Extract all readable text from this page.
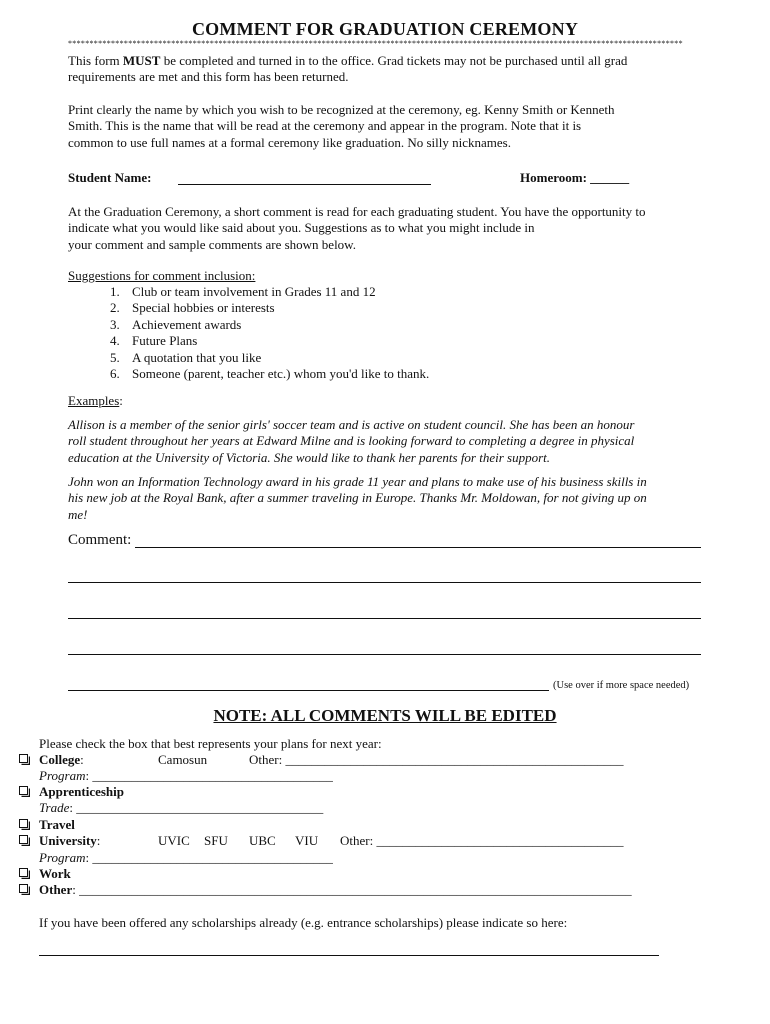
COMMENT FOR GRADUATION CEREMONY
***********************************************************************************************************************************************
This form MUST be completed and turned in to the office. Grad tickets may not be purchased until all grad
requirements are met and this form has been returned.
Print clearly the name by which you wish to be recognized at the ceremony, eg. Kenny Smith or Kenneth
Smith. This is the name that will be read at the ceremony and appear in the program. Note that it is
common to use full names at a formal ceremony like graduation. No silly nicknames.
Student Name:	Homeroom: ______
At the Graduation Ceremony, a short comment is read for each graduating student. You have the opportunity to
indicate what you would like said about you. Suggestions as to what you might include in
your comment and sample comments are shown below.
Suggestions for comment inclusion:
1. Club or team involvement in Grades 11 and 12
2. Special hobbies or interests
3. Achievement awards
4. Future Plans
5. A quotation that you like
6. Someone (parent, teacher etc.) whom you'd like to thank.
Examples:
Allison is a member of the senior girls' soccer team and is active on student council. She has been an honour
roll student throughout her years at Edward Milne and is looking forward to completing a degree in physical
education at the University of Victoria. She would like to thank her parents for their support.
John won an Information Technology award in his grade 11 year and plans to make use of his business skills in
his new job at the Royal Bank, after a summer traveling in Europe. Thanks Mr. Moldowan, for not giving up on
me!
Comment:
(Use over if more space needed)
NOTE: ALL COMMENTS WILL BE EDITED
Please check the box that best represents your plans for next year:
College:	Camosun	Other: ____________________________________________________
Program: _____________________________________
Apprenticeship
Trade: ______________________________________
Travel
University:	UVIC SFU UBC VIU Other: ______________________________________
Program: _____________________________________
Work
Other: _____________________________________________________________________________________
If you have been offered any scholarships already (e.g. entrance scholarships) please indicate so here:
